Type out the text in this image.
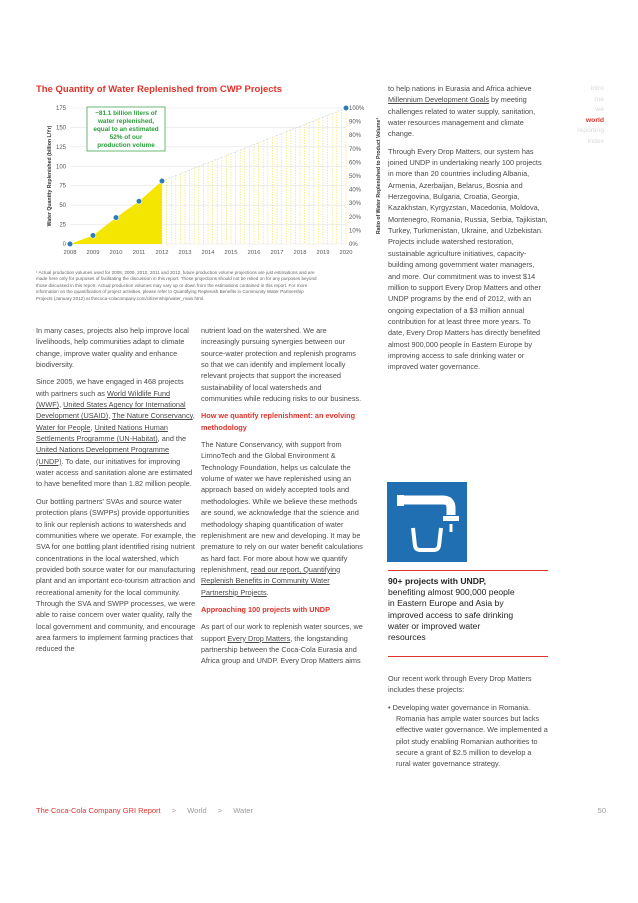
The Quantity of Water Replenished from CWP Projects
0
25
50
75
100
125
150
175
0%
10%
20%
30%
40%
50%
60%
70%
80%
90%
100%
2008 2009 2010 2011 2012 2013 2014 2015 2016 2017 2018 2019 2020
Water Quantity Replenished (billion L/Yr)	Ratio of Water Replenished to Product Volume¹
~81.1 billion liters of
water replenished,
equal to an estimated
52% of our
production volume
¹ Actual production volumes used for 2008, 2009, 2010, 2011 and 2012, future production volume projections are just estimations and are
made here only for purposes of facilitating the discussion in this report. Those projections should not be relied on for any purposes beyond
those discussed in this report. Actual production volumes may vary up or down from the estimations contained in this report. For more
information on the quantification of project activities, please refer to Quantifying Replenish Benefits in Community Water Partnership
Projects (January 2012) at thecoca-colacompany.com/citizenship/water_main.html.
intro
me
we
world
reporting
index

In many cases, projects also help improve local livelihoods, help communities adapt to climate change, improve water quality and enhance biodiversity.

Since 2005, we have engaged in 468 projects with partners such as World Wildlife Fund (WWF), United States Agency for International Development (USAID), The Nature Conservancy, Water for People, United Nations Human Settlements Programme (UN-Habitat), and the United Nations Development Programme (UNDP). To date, our initiatives for improving water access and sanitation alone are estimated to have benefited more than 1.82 million people.

Our bottling partners' SVAs and source water protection plans (SWPPs) provide opportunities to link our replenish actions to watersheds and communities where we operate. For example, the SVA for one bottling plant identified rising nutrient concentrations in the local watershed, which provided both source water for our manufacturing plant and an important eco-tourism attraction and recreational amenity for the local community. Through the SVA and SWPP processes, we were able to raise concern over water quality, rally the local government and community, and encourage area farmers to implement farming practices that reduced the

nutrient load on the watershed. We are increasingly pursuing synergies between our source-water protection and replenish programs so that we can identify and implement locally relevant projects that support the increased sustainability of local watersheds and communities while reducing risks to our business.

How we quantify replenishment: an evolving methodology

The Nature Conservancy, with support from LimnoTech and the Global Environment & Technology Foundation, helps us calculate the volume of water we have replenished using an approach based on widely accepted tools and methodologies. While we believe these methods are sound, we acknowledge that the science and methodology shaping quantification of water replenishment are new and developing. It may be premature to rely on our water benefit calculations as hard fact. For more about how we quantify replenishment, read our report, Quantifying Replenish Benefits in Community Water Partnership Projects.

Approaching 100 projects with UNDP

As part of our work to replenish water sources, we support Every Drop Matters, the longstanding partnership between the Coca-Cola Eurasia and Africa group and UNDP. Every Drop Matters aims

to help nations in Eurasia and Africa achieve Millennium Development Goals by meeting challenges related to water supply, sanitation, water resources management and climate change.

Through Every Drop Matters, our system has joined UNDP in undertaking nearly 100 projects in more than 20 countries including Albania, Armenia, Azerbaijan, Belarus, Bosnia and Herzegovina, Bulgaria, Croatia, Georgia, Kazakhstan, Kyrgyzstan, Macedonia, Moldova, Montenegro, Romania, Russia, Serbia, Tajikistan, Turkey, Turkmenistan, Ukraine, and Uzbekistan. Projects include watershed restoration, sustainable agriculture initiatives, capacity-building among government water managers, and more. Our commitment was to invest $14 million to support Every Drop Matters and other UNDP programs by the end of 2012, with an ongoing expectation of a $3 million annual contribution for at least three more years. To date, Every Drop Matters has directly benefited almost 900,000 people in Eastern Europe by improving access to safe drinking water or improved water governance.

90+ projects with UNDP, benefiting almost 900,000 people in Eastern Europe and Asia by improved access to safe drinking water or improved water resources

Our recent work through Every Drop Matters includes these projects:

• Developing water governance in Romania. Romania has ample water sources but lacks effective water governance. We implemented a pilot study enabling Romanian authorities to secure a grant of $2.5 million to develop a rural water governance strategy.
The Coca-Cola Company GRI Report > World > Water	50
